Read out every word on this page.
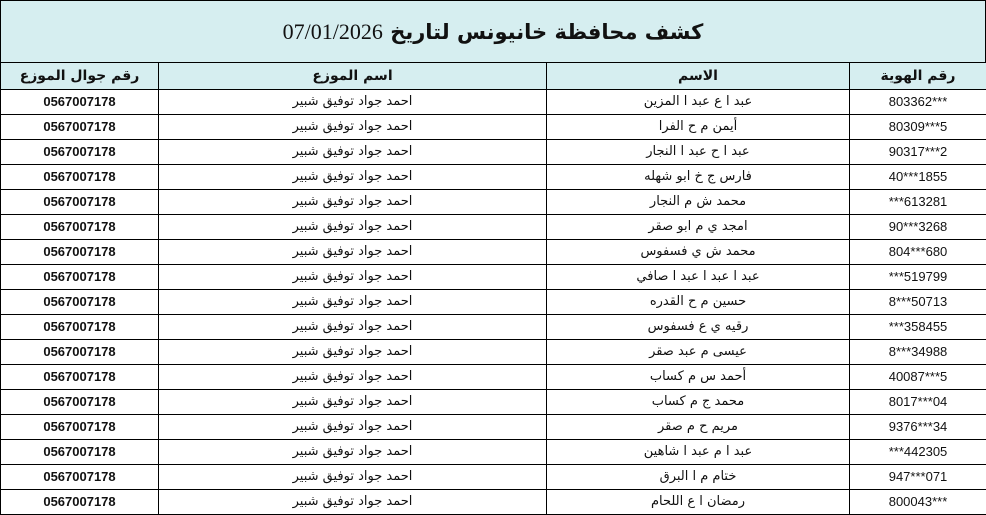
كشف محافظة خانيونس لتاريخ 07/01/2026
رقم الهوية	الاسم	اسم الموزع	رقم جوال الموزع
803362***	عبد ا ع عبد ا المزين	احمد جواد توفيق شبير	0567007178
80309***5	أيمن م ح الفرا	احمد جواد توفيق شبير	0567007178
90317***2	عبد ا ح عبد ا النجار	احمد جواد توفيق شبير	0567007178
40***1855	فارس ج خ ابو شهله	احمد جواد توفيق شبير	0567007178
***613281	محمد ش م النجار	احمد جواد توفيق شبير	0567007178
90***3268	امجد ي م ابو صقر	احمد جواد توفيق شبير	0567007178
804***680	محمد ش ي فسفوس	احمد جواد توفيق شبير	0567007178
***519799	عبد ا عبد ا عبد ا صافي	احمد جواد توفيق شبير	0567007178
8***50713	حسين م ح القدره	احمد جواد توفيق شبير	0567007178
***358455	رقيه ي ع فسفوس	احمد جواد توفيق شبير	0567007178
8***34988	عيسى م عبد صقر	احمد جواد توفيق شبير	0567007178
40087***5	أحمد س م كساب	احمد جواد توفيق شبير	0567007178
8017***04	محمد ج م كساب	احمد جواد توفيق شبير	0567007178
9376***34	مريم ح م صقر	احمد جواد توفيق شبير	0567007178
***442305	عبد ا م عبد ا شاهين	احمد جواد توفيق شبير	0567007178
947***071	ختام م ا البرق	احمد جواد توفيق شبير	0567007178
800043***	رمضان ا ع اللحام	احمد جواد توفيق شبير	0567007178
